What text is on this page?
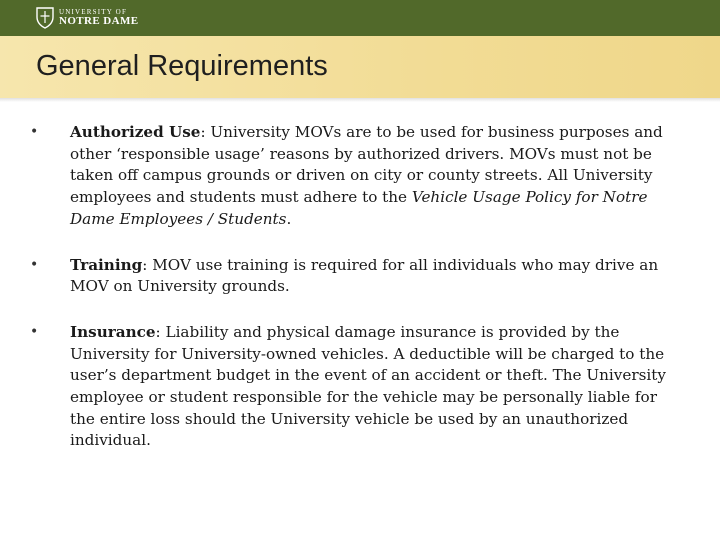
UNIVERSITY OF
NOTRE DAME
General Requirements
•	Authorized Use: University MOVs are to be used for business purposes and other ‘responsible usage’ reasons by authorized drivers. MOVs must not be taken off campus grounds or driven on city or county streets. All University employees and students must adhere to the Vehicle Usage Policy for Notre Dame Employees / Students.
•	Training: MOV use training is required for all individuals who may drive an MOV on University grounds.
•	Insurance: Liability and physical damage insurance is provided by the University for University-owned vehicles. A deductible will be charged to the user’s department budget in the event of an accident or theft. The University employee or student responsible for the vehicle may be personally liable for the entire loss should the University vehicle be used by an unauthorized individual.
